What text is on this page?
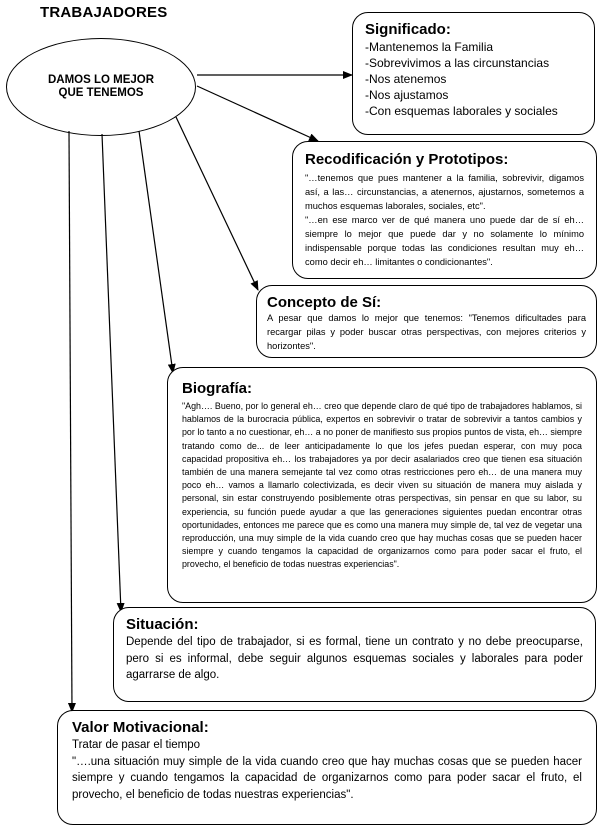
TRABAJADORES
DAMOS LO MEJOR
QUE TENEMOS
Significado:
-Mantenemos la Familia
-Sobrevivimos a las circunstancias
-Nos atenemos
-Nos ajustamos
-Con esquemas laborales y sociales
Recodificación y Prototipos:

"…tenemos que pues mantener a la familia, sobrevivir, digamos así, a las… circunstancias, a atenernos, ajustarnos, sometemos a muchos esquemas laborales, sociales, etc".

"…en ese marco ver de qué manera uno puede dar de sí eh… siempre lo mejor que puede dar y no solamente lo mínimo indispensable porque todas las condiciones resultan muy eh… como decir eh… limitantes o condicionantes".

Concepto de Sí:

A pesar que damos lo mejor que tenemos: "Tenemos dificultades para recargar pilas y poder buscar otras perspectivas, con mejores criterios y horizontes".

Biografía:

"Agh…. Bueno, por lo general eh… creo que depende claro de qué tipo de trabajadores hablamos, si hablamos de la burocracia pública, expertos en sobrevivir o tratar de sobrevivir a tantos cambios y por lo tanto a no cuestionar, eh… a no poner de manifiesto sus propios puntos de vista, eh… siempre tratando como de... de leer anticipadamente lo que los jefes puedan esperar, con muy poca capacidad propositiva eh… los trabajadores ya por decir asalariados creo que tienen esa situación también de una manera semejante tal vez como otras restricciones pero eh… de una manera muy poco eh… vamos a llamarlo colectivizada, es decir viven su situación de manera muy aislada y personal, sin estar construyendo posiblemente otras perspectivas, sin pensar en que su labor, su experiencia, su función puede ayudar a que las generaciones siguientes puedan encontrar otras oportunidades, entonces me parece que es como una manera muy simple de, tal vez de vegetar una reproducción, una muy simple de la vida cuando creo que hay muchas cosas que se pueden hacer siempre y cuando tengamos la capacidad de organizarnos como para poder sacar el fruto, el provecho, el beneficio de todas nuestras experiencias".

Situación:

Depende del tipo de trabajador, si es formal, tiene un contrato y no debe preocuparse, pero si es informal, debe seguir algunos esquemas sociales y laborales para poder agarrarse de algo.

Valor Motivacional:

Tratar de pasar el tiempo

"….una situación muy simple de la vida cuando creo que hay muchas cosas que se pueden hacer siempre y cuando tengamos la capacidad de organizarnos como para poder sacar el fruto, el provecho, el beneficio de todas nuestras experiencias".
